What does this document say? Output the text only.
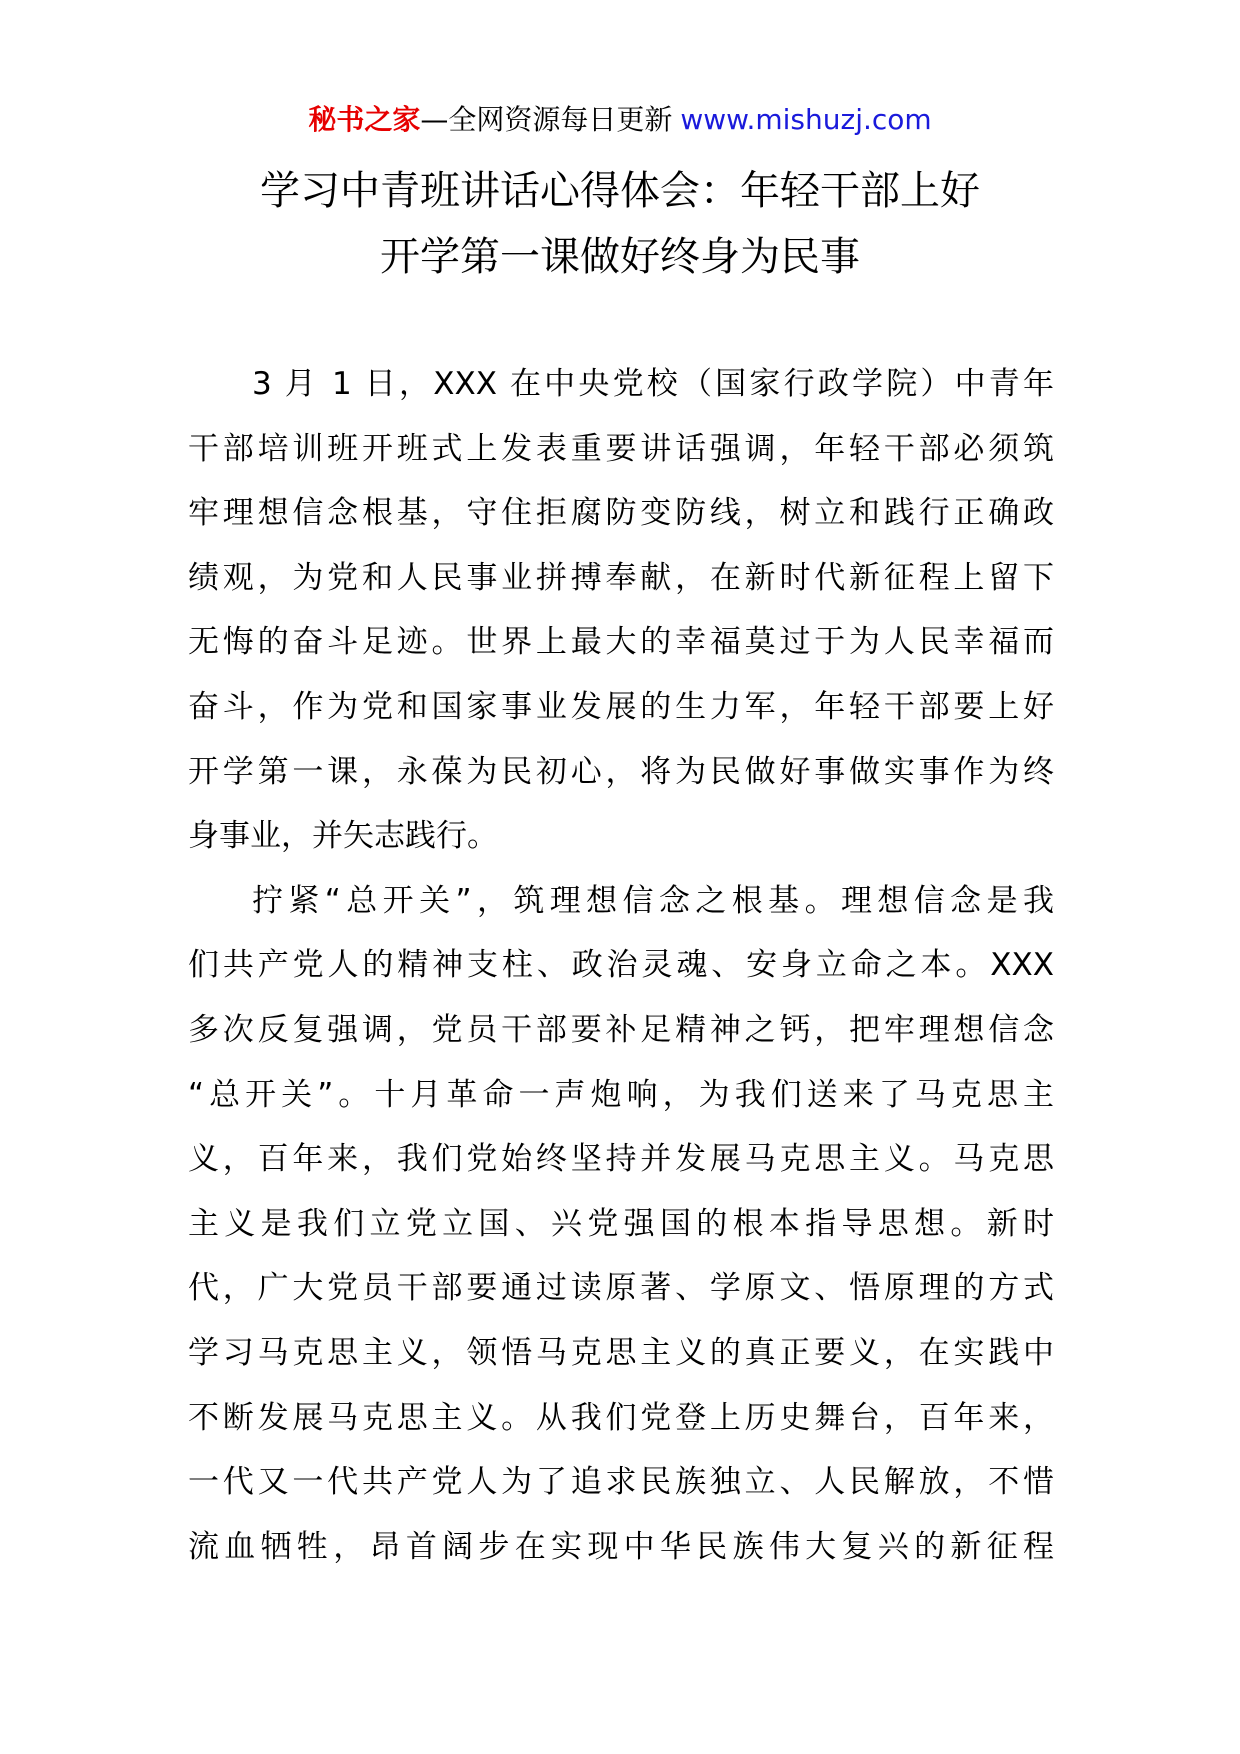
秘书之家—全网资源每日更新 www.mishuzj.com
学习中青班讲话心得体会：年轻干部上好
开学第一课做好终身为民事
3 月 1 日，XXX 在中央党校（国家行政学院）中青年
干部培训班开班式上发表重要讲话强调，年轻干部必须筑
牢理想信念根基，守住拒腐防变防线，树立和践行正确政
绩观，为党和人民事业拼搏奉献，在新时代新征程上留下
无悔的奋斗足迹。世界上最大的幸福莫过于为人民幸福而
奋斗，作为党和国家事业发展的生力军，年轻干部要上好
开学第一课，永葆为民初心，将为民做好事做实事作为终
身事业，并矢志践行。
拧紧“总开关”，筑理想信念之根基。理想信念是我
们共产党人的精神支柱、政治灵魂、安身立命之本。XXX
多次反复强调，党员干部要补足精神之钙，把牢理想信念
“总开关”。十月革命一声炮响，为我们送来了马克思主
义，百年来，我们党始终坚持并发展马克思主义。马克思
主义是我们立党立国、兴党强国的根本指导思想。新时
代，广大党员干部要通过读原著、学原文、悟原理的方式
学习马克思主义，领悟马克思主义的真正要义，在实践中
不断发展马克思主义。从我们党登上历史舞台，百年来，
一代又一代共产党人为了追求民族独立、人民解放，不惜
流血牺牲，昂首阔步在实现中华民族伟大复兴的新征程
